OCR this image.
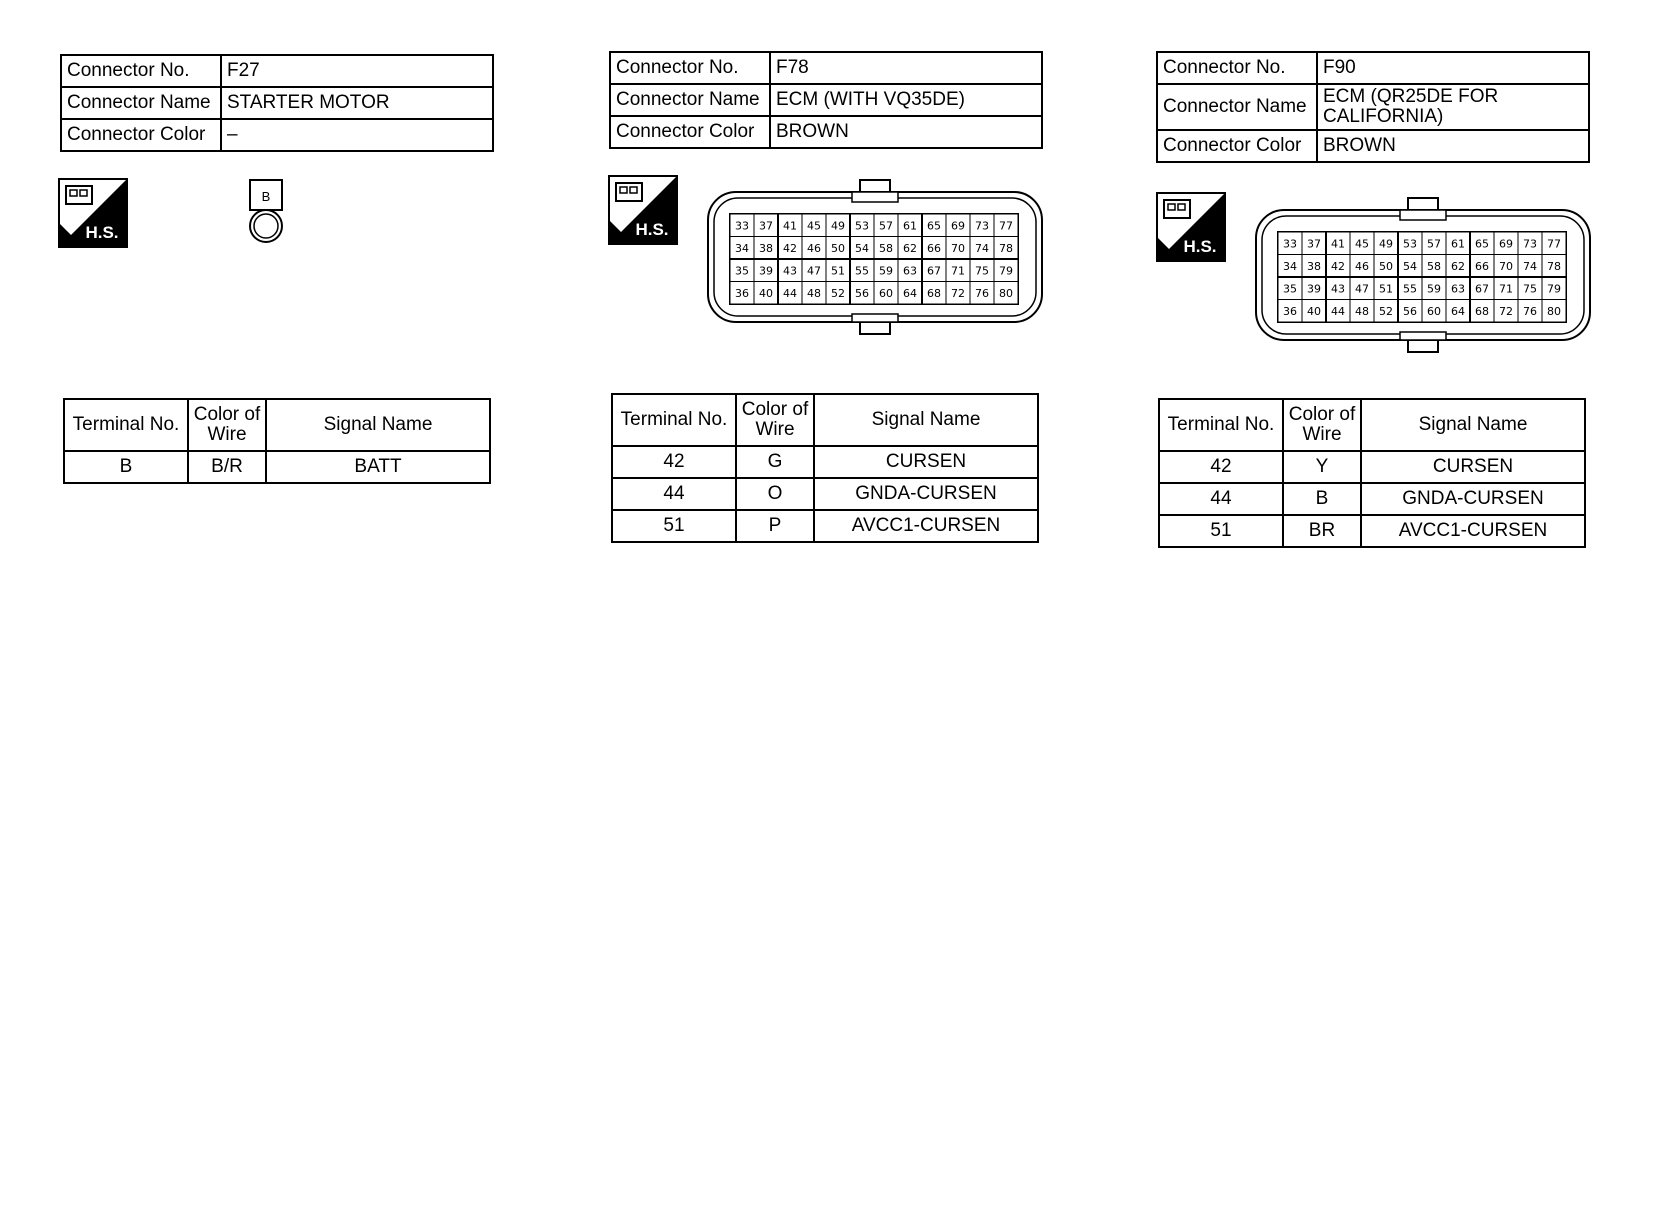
Connector No.	F27
Connector Name	STARTER MOTOR
Connector Color	–
H.S.
B
Terminal No.	Color of Wire	Signal Name
B	B/R	BATT
Connector No.	F78
Connector Name	ECM (WITH VQ35DE)
Connector Color	BROWN
H.S.	33 37 41 45 49 53 57 61 65 69 73 77
34 38 42 46 50 54 58 62 66 70 74 78
35 39 43 47 51 55 59 63 67 71 75 79
36 40 44 48 52 56 60 64 68 72 76 80
Terminal No.	Color of Wire	Signal Name
42	G	CURSEN
44	O	GNDA-CURSEN
51	P	AVCC1-CURSEN
Connector No.	F90
Connector Name	ECM (QR25DE FOR CALIFORNIA)
Connector Color	BROWN
H.S.	33 37 41 45 49 53 57 61 65 69 73 77
34 38 42 46 50 54 58 62 66 70 74 78
35 39 43 47 51 55 59 63 67 71 75 79
36 40 44 48 52 56 60 64 68 72 76 80
Terminal No.	Color of Wire	Signal Name
42	Y	CURSEN
44	B	GNDA-CURSEN
51	BR	AVCC1-CURSEN
